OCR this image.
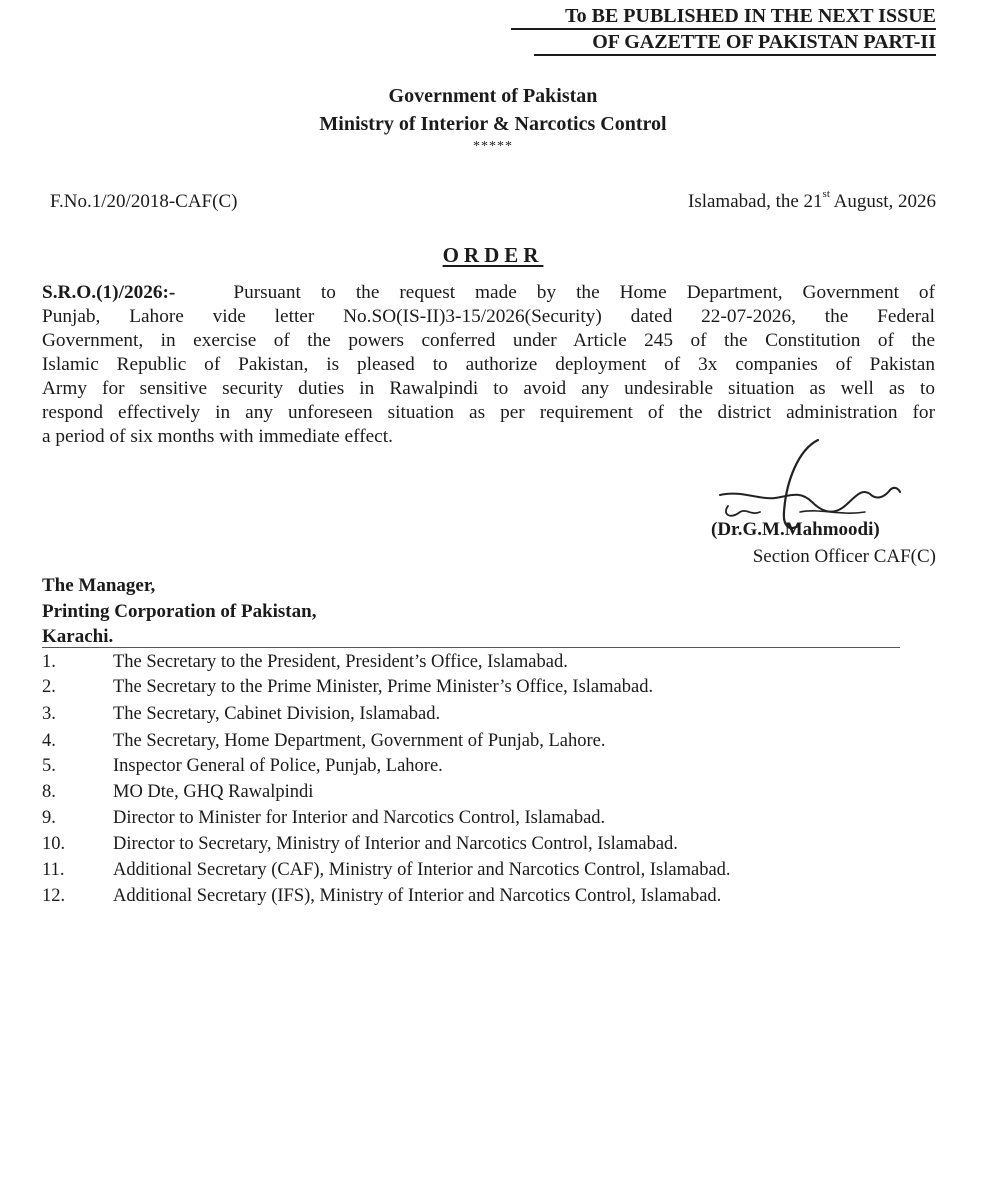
To BE PUBLISHED IN THE NEXT ISSUE
OF GAZETTE OF PAKISTAN PART-II
Government of Pakistan
Ministry of Interior & Narcotics Control
*****
F.No.1/20/2018-CAF(C)	Islamabad, the 21st August, 2026
ORDER
S.R.O.(1)/2026:-	Pursuant to the request made by the Home Department, Government of
Punjab, Lahore vide letter No.SO(IS-II)3-15/2026(Security) dated 22-07-2026, the Federal
Government, in exercise of the powers conferred under Article 245 of the Constitution of the
Islamic Republic of Pakistan, is pleased to authorize deployment of 3x companies of Pakistan
Army for sensitive security duties in Rawalpindi to avoid any undesirable situation as well as to
respond effectively in any unforeseen situation as per requirement of the district administration for
a period of six months with immediate effect.
(Dr.G.M.Mahmoodi)
Section Officer CAF(C)
The Manager,
Printing Corporation of Pakistan,
Karachi.
1.	The Secretary to the President, President’s Office, Islamabad.
2.	The Secretary to the Prime Minister, Prime Minister’s Office, Islamabad.
3.	The Secretary, Cabinet Division, Islamabad.
4.	The Secretary, Home Department, Government of Punjab, Lahore.
5.	Inspector General of Police, Punjab, Lahore.
8.	MO Dte, GHQ Rawalpindi
9.	Director to Minister for Interior and Narcotics Control, Islamabad.
10.	Director to Secretary, Ministry of Interior and Narcotics Control, Islamabad.
11.	Additional Secretary (CAF), Ministry of Interior and Narcotics Control, Islamabad.
12.	Additional Secretary (IFS), Ministry of Interior and Narcotics Control, Islamabad.
